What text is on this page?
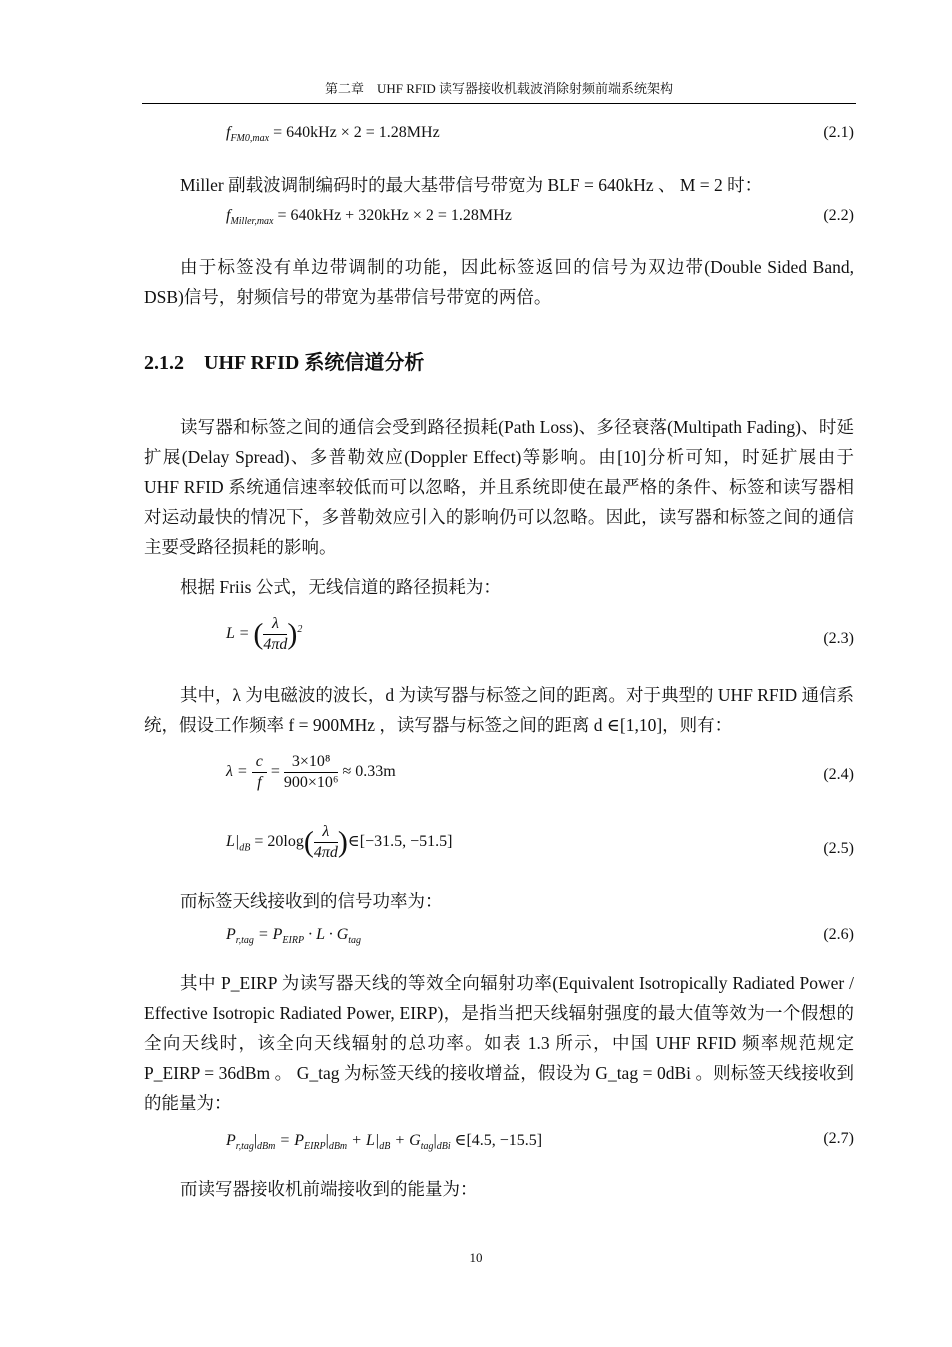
第二章　UHF RFID 读写器接收机载波消除射频前端系统架构
$f_{FM0,max} = 640kHz \times 2 = 1.28MHz$	(2.1)

Miller 副载波调制编码时的最大基带信号带宽为 BLF = 640kHz 、 M = 2 时：

$f_{Miller,max} = 640kHz + 320kHz \times 2 = 1.28MHz$	(2.2)

由于标签没有单边带调制的功能，因此标签返回的信号为双边带(Double Sided Band, DSB)信号，射频信号的带宽为基带信号带宽的两倍。

2.1.2　UHF RFID 系统信道分析

读写器和标签之间的通信会受到路径损耗(Path Loss)、多径衰落(Multipath Fading)、时延扩展(Delay Spread)、多普勒效应(Doppler Effect)等影响。由[10]分析可知，时延扩展由于 UHF RFID 系统通信速率较低而可以忽略，并且系统即使在最严格的条件、标签和读写器相对运动最快的情况下，多普勒效应引入的影响仍可以忽略。因此，读写器和标签之间的通信主要受路径损耗的影响。

根据 Friis 公式，无线信道的路径损耗为：

L = ( $\frac{\lambda}{4\pi d} )^2$
(2.3)

其中，λ 为电磁波的波长，d 为读写器与标签之间的距离。对于典型的 UHF RFID 通信系统，假设工作频率 f = 900MHz ，读写器与标签之间的距离 d ∈[1,10]，则有：

$\lambda = \frac{c}{f} = \frac{\text{3×10⁸}}{\text{900×10⁶}} \approx 0.33m$	(2.4)
$L|_{dB} = 20\log( \frac{\lambda}{4\pi d}$ )∈[−31.5, −51.5]	(2.5)

而标签天线接收到的信号功率为：

$P_{r,tag} = P_{EIRP} \cdot L \cdot G_{tag}$	(2.6)

其中 P_EIRP 为读写器天线的等效全向辐射功率(Equivalent Isotropically Radiated Power / Effective Isotropic Radiated Power, EIRP)，是指当把天线辐射强度的最大值等效为一个假想的全向天线时，该全向天线辐射的总功率。如表 1.3 所示，中国 UHF RFID 频率规范规定 P_EIRP = 36dBm 。 G_tag 为标签天线的接收增益，假设为 G_tag = 0dBi 。则标签天线接收到的能量为：

$P_{r,tag}|_{dBm} = P_{EIRP}|_{dBm} + L|_{dB} + G_{tag}|_{dBi}$ ∈[4.5, −15.5]	(2.7)

而读写器接收机前端接收到的能量为：

10
